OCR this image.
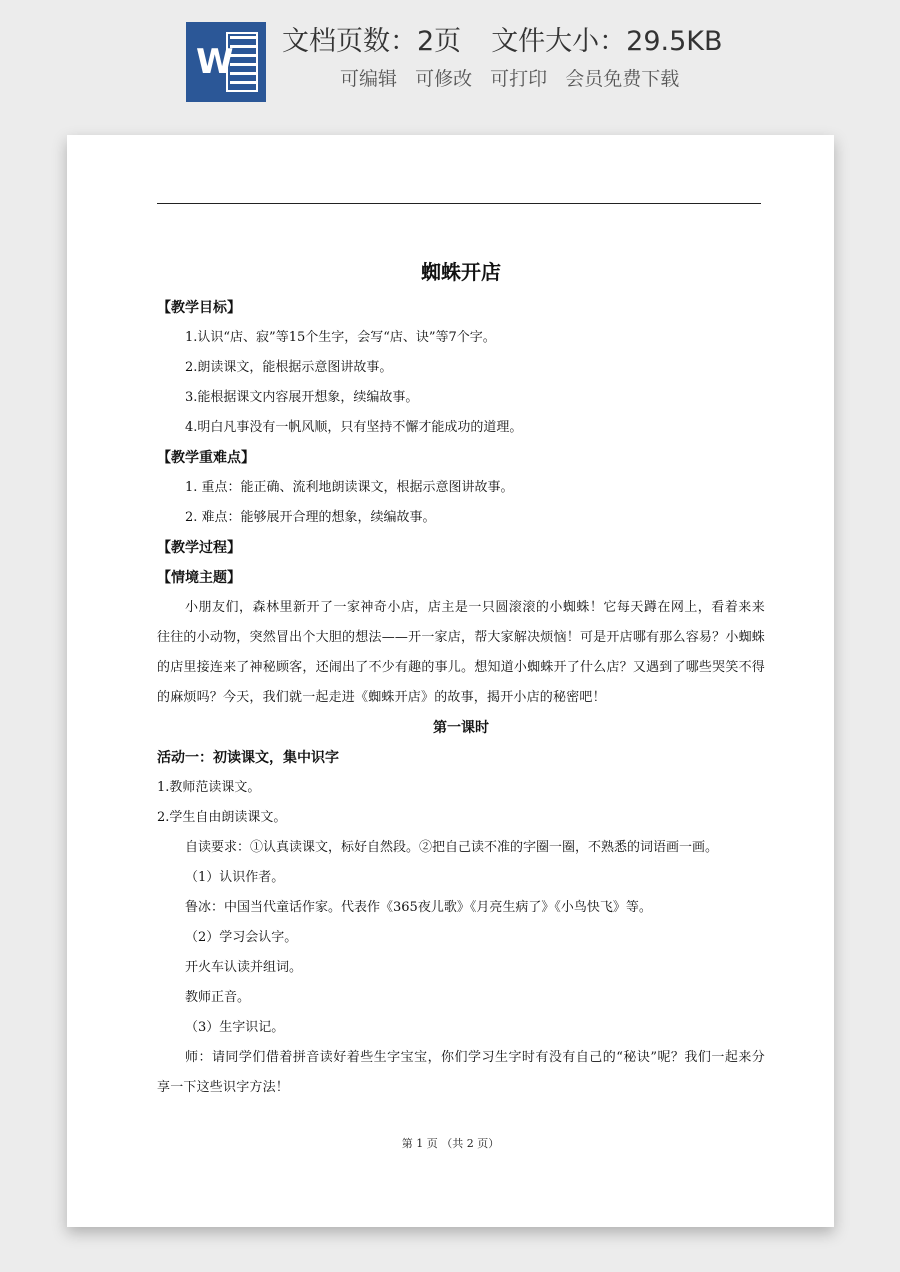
W
文档页数：2页 文件大小：29.5KB
可编辑 可修改 可打印 会员免费下载
蜘蛛开店
【教学目标】
1.认识“店、寂”等15个生字，会写“店、诀”等7个字。
2.朗读课文，能根据示意图讲故事。
3.能根据课文内容展开想象，续编故事。
4.明白凡事没有一帆风顺，只有坚持不懈才能成功的道理。
【教学重难点】
1. 重点：能正确、流利地朗读课文，根据示意图讲故事。
2. 难点：能够展开合理的想象，续编故事。
【教学过程】
【情境主题】
小朋友们，森林里新开了一家神奇小店，店主是一只圆滚滚的小蜘蛛！它每天蹲在网上，看着来来往往的小动物，突然冒出个大胆的想法——开一家店，帮大家解决烦恼！可是开店哪有那么容易？小蜘蛛的店里接连来了神秘顾客，还闹出了不少有趣的事儿。想知道小蜘蛛开了什么店？又遇到了哪些哭笑不得的麻烦吗？今天，我们就一起走进《蜘蛛开店》的故事，揭开小店的秘密吧！
第一课时
活动一：初读课文，集中识字
1.教师范读课文。
2.学生自由朗读课文。
自读要求：①认真读课文，标好自然段。②把自己读不准的字圈一圈，不熟悉的词语画一画。
（1）认识作者。
鲁冰：中国当代童话作家。代表作《365夜儿歌》《月亮生病了》《小鸟快飞》等。
（2）学习会认字。
开火车认读并组词。
教师正音。
（3）生字识记。
师：请同学们借着拼音读好着些生字宝宝，你们学习生字时有没有自己的“秘诀”呢？我们一起来分享一下这些识字方法！
第 1 页 （共 2 页）
